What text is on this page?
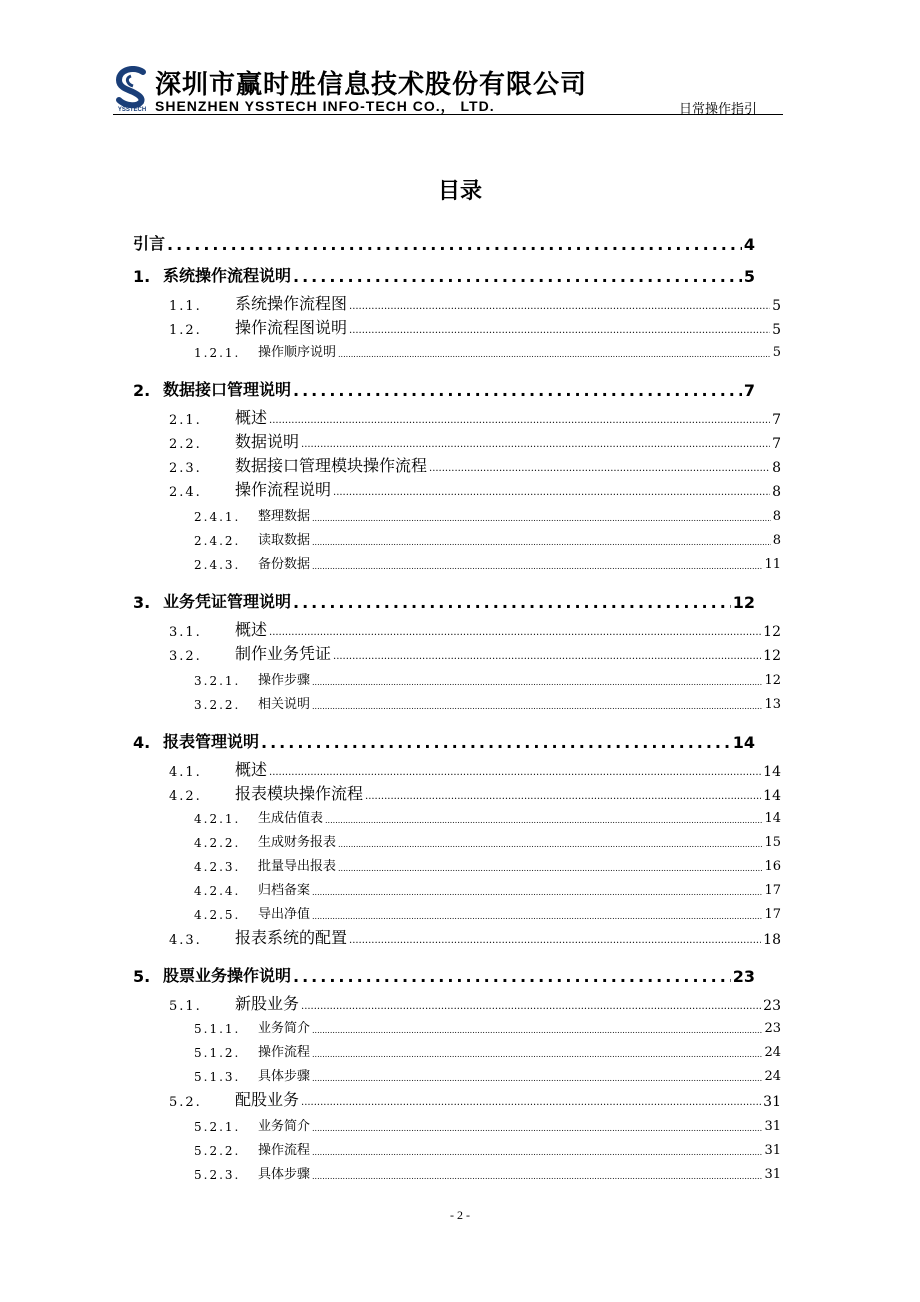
YSSTECH
深圳市赢时胜信息技术股份有限公司
SHENZHEN YSSTECH INFO-TECH CO.， LTD.	日常操作指引
目录
引言 .....	4
1. 系统操作流程说明 .....	5
1.1.	系统操作流程图 .....	5
1.2.	操作流程图说明 .....	5
1.2.1.	操作顺序说明 .....	5
2. 数据接口管理说明 .....	7
2.1.	概述 .....	7
2.2.	数据说明 .....	7
2.3.	数据接口管理模块操作流程 .....	8
2.4.	操作流程说明 .....	8
2.4.1.	整理数据 .....	8
2.4.2.	读取数据 .....	8
2.4.3.	备份数据 .....	11
3. 业务凭证管理说明 .....	12
3.1.	概述 .....	12
3.2.	制作业务凭证 .....	12
3.2.1.	操作步骤 .....	12
3.2.2.	相关说明 .....	13
4. 报表管理说明 .....	14
4.1.	概述 .....	14
4.2.	报表模块操作流程 .....	14
4.2.1.	生成估值表 .....	14
4.2.2.	生成财务报表 .....	15
4.2.3.	批量导出报表 .....	16
4.2.4.	归档备案 .....	17
4.2.5.	导出净值 .....	17
4.3.	报表系统的配置 .....	18
5. 股票业务操作说明 .....	23
5.1.	新股业务 .....	23
5.1.1.	业务简介 .....	23
5.1.2.	操作流程 .....	24
5.1.3.	具体步骤 .....	24
5.2.	配股业务 .....	31
5.2.1.	业务简介 .....	31
5.2.2.	操作流程 .....	31
5.2.3.	具体步骤 .....	31
- 2 -
